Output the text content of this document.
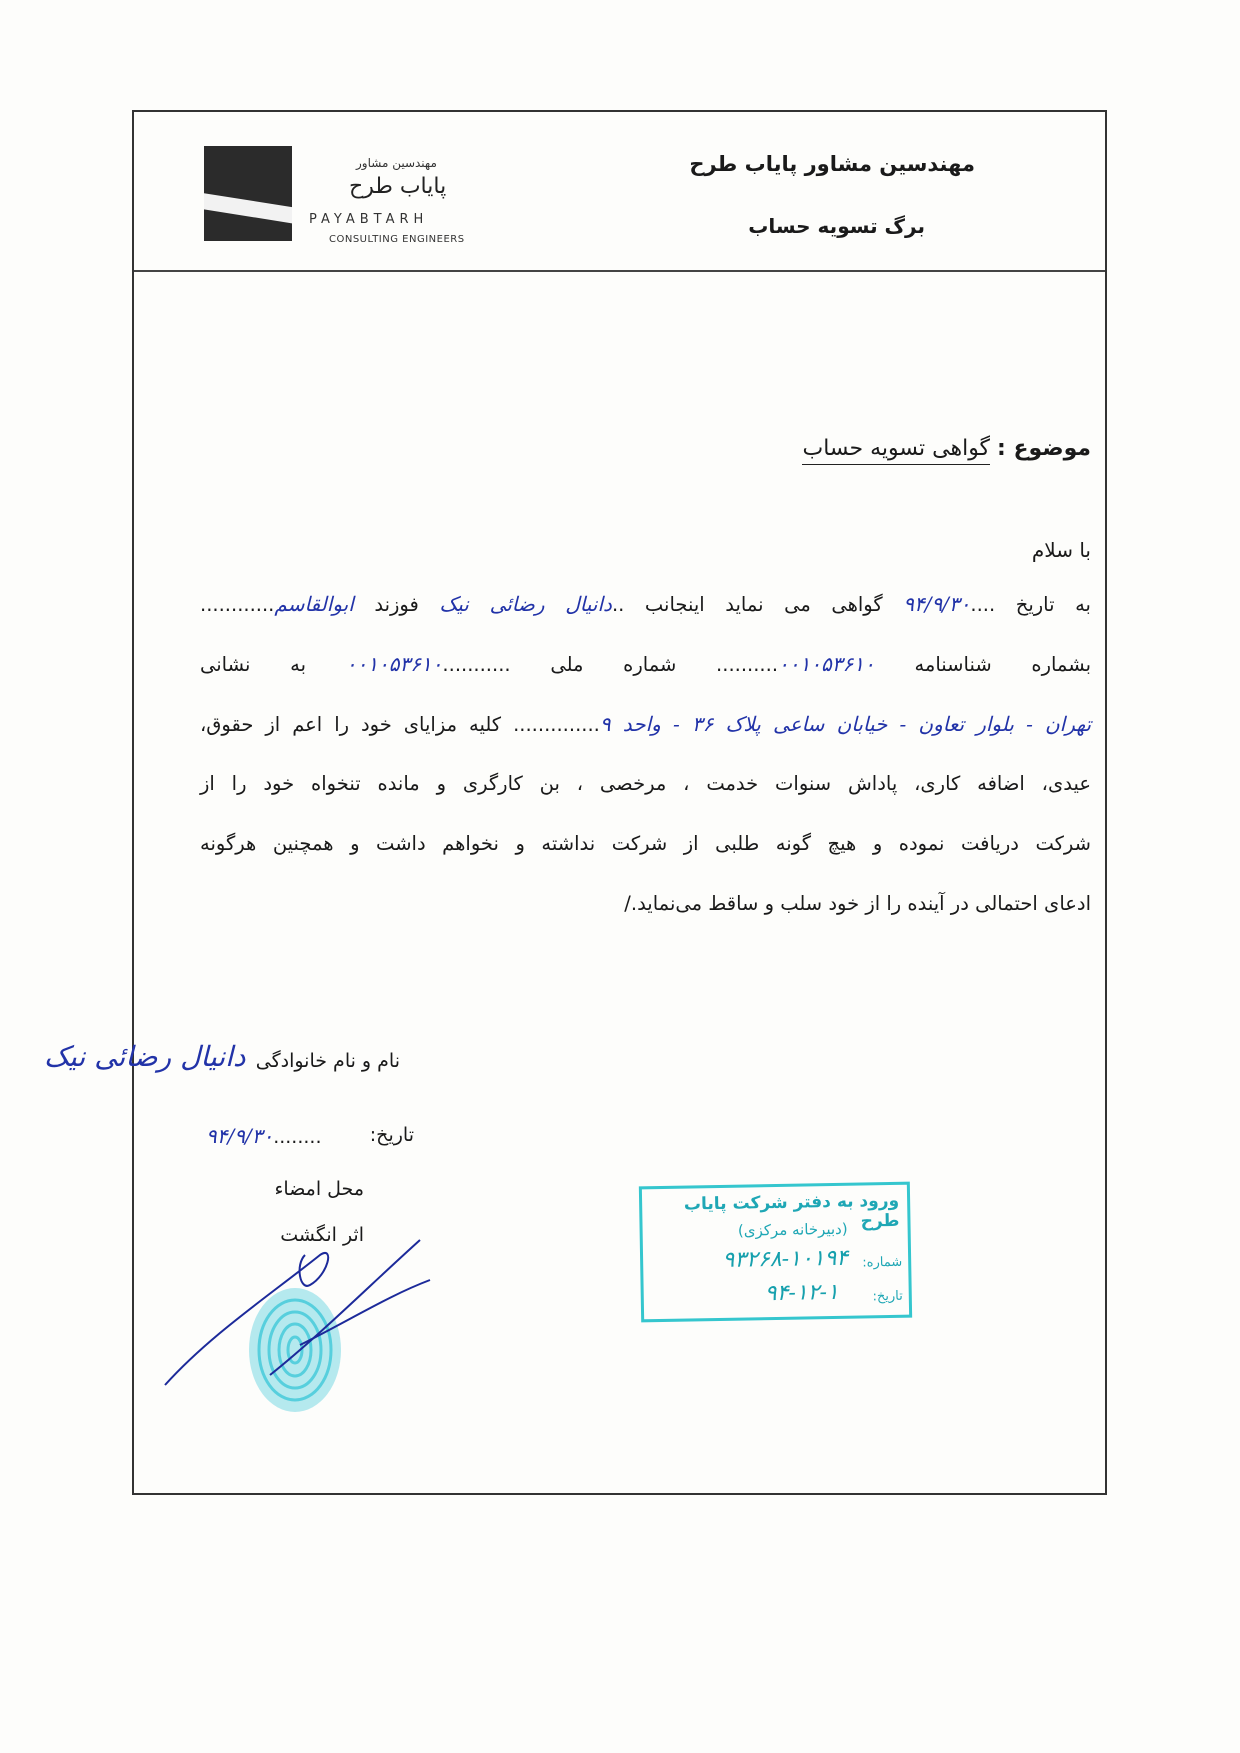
مهندسین مشاور پایاب طرح
برگ تسویه حساب
مهندسین مشاور
پایاب طرح
PAYABTARH
CONSULTING ENGINEERS
موضوع : گواهی تسویه حساب
با سلام
به تاریخ ....۹۴/۹/۳۰ گواهی می نماید اینجانب ..دانیال رضائی نیک فوزند ابوالقاسم............
بشماره شناسنامه ۰۰۱۰۵۳۶۱۰.......... شماره ملی ...........۰۰۱۰۵۳۶۱۰ به نشانی
تهران - بلوار تعاون - خیابان ساعی پلاک ۳۶ - واحد ۹.............. کلیه مزایای خود را اعم از حقوق،
عیدی، اضافه کاری، پاداش سنوات خدمت ، مرخصی ، بن کارگری و مانده تنخواه خود را از
شرکت دریافت نموده و هیچ گونه طلبی از شرکت نداشته و نخواهم داشت و همچنین هرگونه
ادعای احتمالی در آینده را از خود سلب و ساقط می‌نماید./
نام و نام خانوادگی
دانیال رضائی نیک
تاریخ:
........۹۴/۹/۳۰
محل امضاء
اثر انگشت
ورود به دفتر شرکت پایاب طرح
(دبیرخانه مرکزی)
شماره:
۹۳۲۶۸-۱۰۱۹۴
تاریخ:
۹۴-۱۲-۱
